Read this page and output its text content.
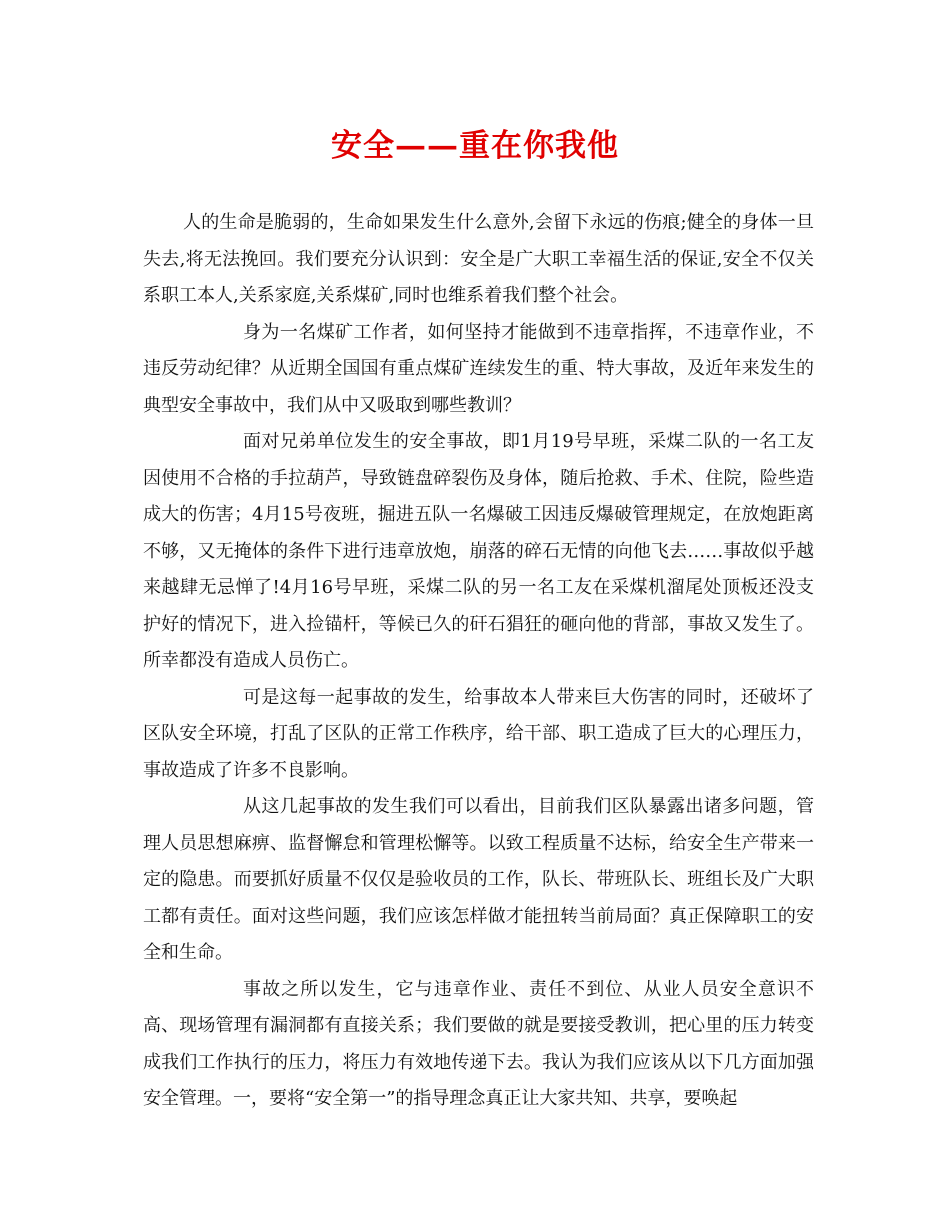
安全——重在你我他

人的生命是脆弱的，生命如果发生什么意外,会留下永远的伤痕;健全的身体一旦失去,将无法挽回。我们要充分认识到：安全是广大职工幸福生活的保证,安全不仅关系职工本人,关系家庭,关系煤矿,同时也维系着我们整个社会。

身为一名煤矿工作者，如何坚持才能做到不违章指挥，不违章作业，不违反劳动纪律？从近期全国国有重点煤矿连续发生的重、特大事故，及近年来发生的典型安全事故中，我们从中又吸取到哪些教训？

面对兄弟单位发生的安全事故，即1月19号早班，采煤二队的一名工友因使用不合格的手拉葫芦，导致链盘碎裂伤及身体，随后抢救、手术、住院，险些造成大的伤害；4月15号夜班，掘进五队一名爆破工因违反爆破管理规定，在放炮距离不够，又无掩体的条件下进行违章放炮，崩落的碎石无情的向他飞去……事故似乎越来越肆无忌惮了!4月16号早班，采煤二队的另一名工友在采煤机溜尾处顶板还没支护好的情况下，进入捡锚杆，等候已久的矸石猖狂的砸向他的背部，事故又发生了。所幸都没有造成人员伤亡。

可是这每一起事故的发生，给事故本人带来巨大伤害的同时，还破坏了区队安全环境，打乱了区队的正常工作秩序，给干部、职工造成了巨大的心理压力，事故造成了许多不良影响。

从这几起事故的发生我们可以看出，目前我们区队暴露出诸多问题，管理人员思想麻痹、监督懈怠和管理松懈等。以致工程质量不达标，给安全生产带来一定的隐患。而要抓好质量不仅仅是验收员的工作，队长、带班队长、班组长及广大职工都有责任。面对这些问题，我们应该怎样做才能扭转当前局面？真正保障职工的安全和生命。

事故之所以发生，它与违章作业、责任不到位、从业人员安全意识不高、现场管理有漏洞都有直接关系；我们要做的就是要接受教训，把心里的压力转变成我们工作执行的压力，将压力有效地传递下去。我认为我们应该从以下几方面加强安全管理。一，要将“安全第一”的指导理念真正让大家共知、共享，要唤起
